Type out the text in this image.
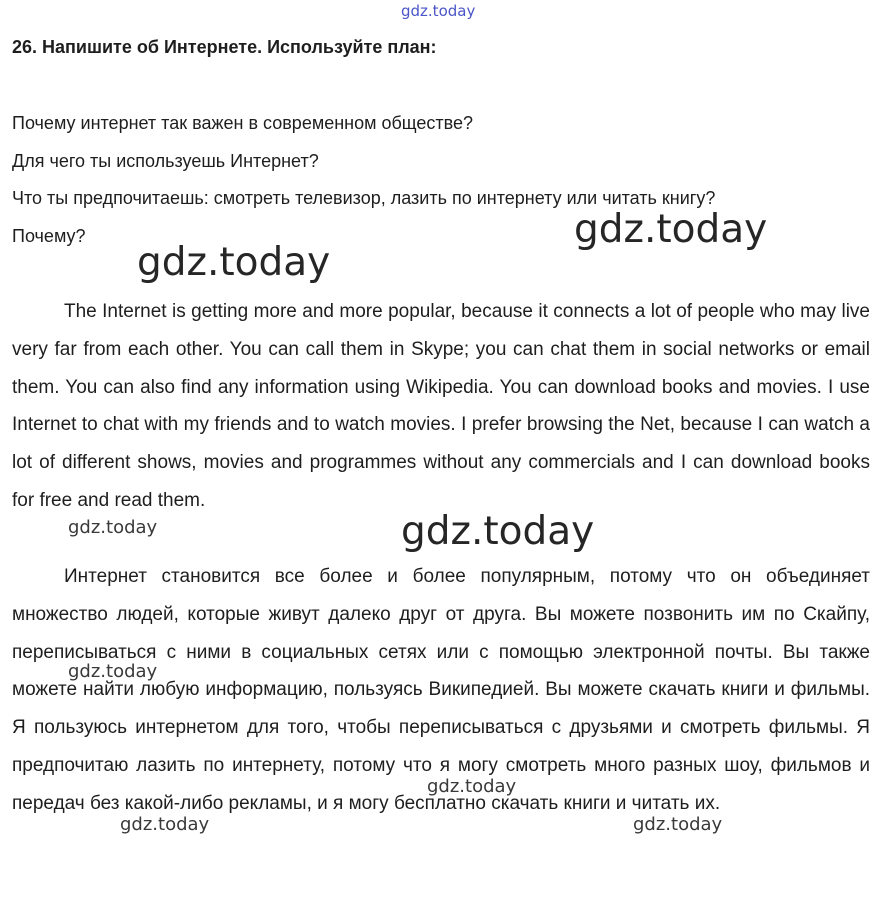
gdz.today
26. Напишите об Интернете. Используйте план:
Почему интернет так важен в современном обществе?
Для чего ты используешь Интернет?
Что ты предпочитаешь: смотреть телевизор, лазить по интернету или читать книгу?
Почему?

The Internet is getting more and more popular, because it connects a lot of people who may live very far from each other. You can call them in Skype; you can chat them in social networks or email them. You can also find any information using Wikipedia. You can download books and movies. I use Internet to chat with my friends and to watch movies. I prefer browsing the Net, because I can watch a lot of different shows, movies and programmes without any commercials and I can download books for free and read them.

Интернет становится все более и более популярным, потому что он объединяет множество людей, которые живут далеко друг от друга. Вы можете позвонить им по Скайпу, переписываться с ними в социальных сетях или с помощью электронной почты. Вы также можете найти любую информацию, пользуясь Википедией. Вы можете скачать книги и фильмы. Я пользуюсь интернетом для того, чтобы переписываться с друзьями и смотреть фильмы. Я предпочитаю лазить по интернету, потому что я могу смотреть много разных шоу, фильмов и передач без какой-либо рекламы, и я могу бесплатно скачать книги и читать их.

gdz.today
gdz.today
gdz.today
gdz.today
gdz.today
gdz.today
gdz.today	gdz.today
